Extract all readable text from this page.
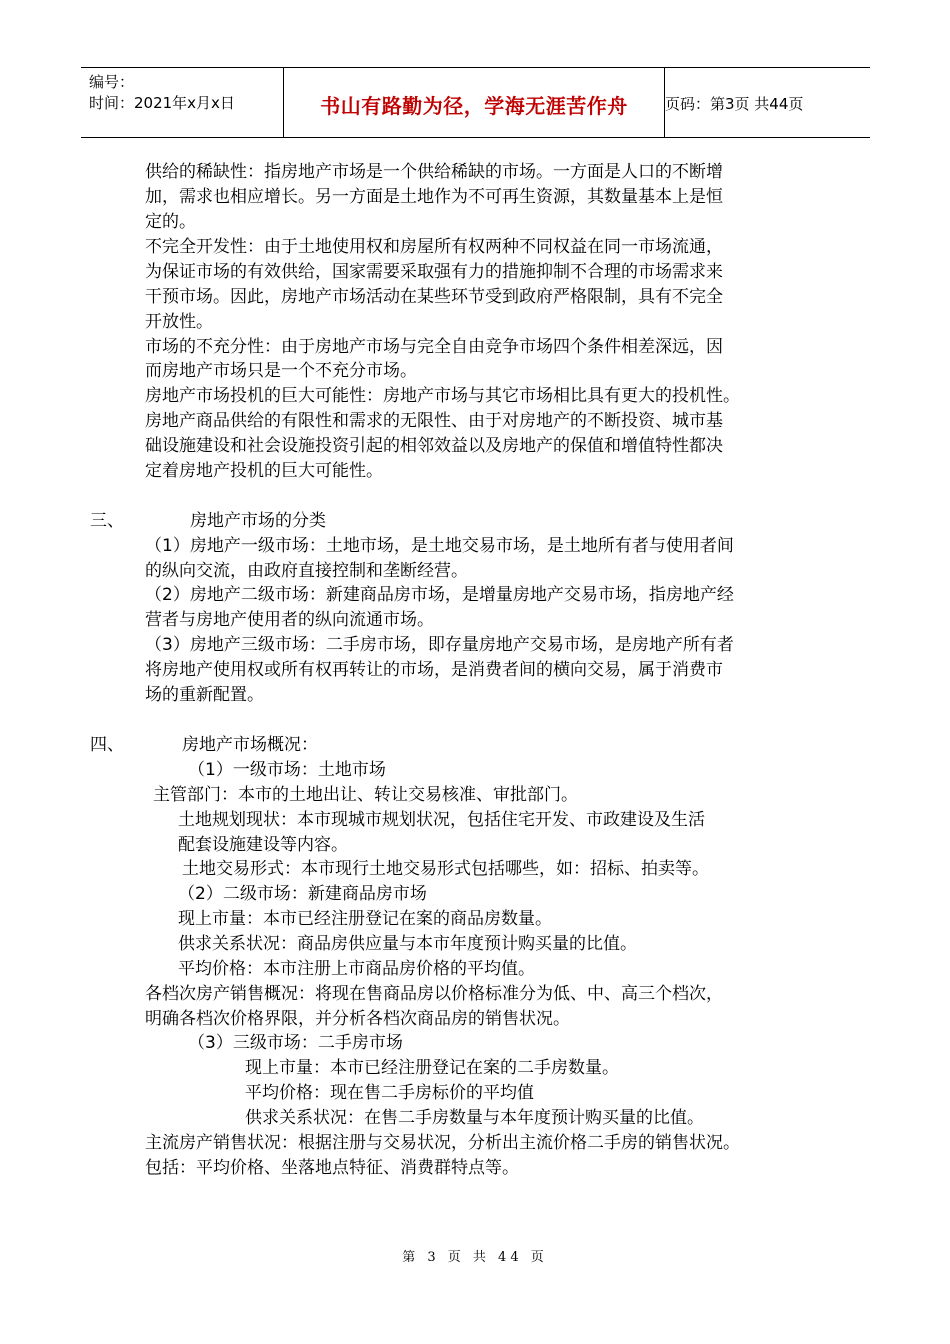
编号：
时间：2021年x月x日	书山有路勤为径，学海无涯苦作舟	页码：第3页 共44页

供给的稀缺性：指房地产市场是一个供给稀缺的市场。一方面是人口的不断增

加，需求也相应增长。另一方面是土地作为不可再生资源，其数量基本上是恒

定的。

不完全开发性：由于土地使用权和房屋所有权两种不同权益在同一市场流通，

为保证市场的有效供给，国家需要采取强有力的措施抑制不合理的市场需求来

干预市场。因此，房地产市场活动在某些环节受到政府严格限制，具有不完全

开放性。

市场的不充分性：由于房地产市场与完全自由竞争市场四个条件相差深远，因

而房地产市场只是一个不充分市场。

房地产市场投机的巨大可能性：房地产市场与其它市场相比具有更大的投机性。

房地产商品供给的有限性和需求的无限性、由于对房地产的不断投资、城市基

础设施建设和社会设施投资引起的相邻效益以及房地产的保值和增值特性都决

定着房地产投机的巨大可能性。

三、	房地产市场的分类

（1）房地产一级市场：土地市场，是土地交易市场，是土地所有者与使用者间

的纵向交流，由政府直接控制和垄断经营。

（2）房地产二级市场：新建商品房市场，是增量房地产交易市场，指房地产经

营者与房地产使用者的纵向流通市场。

（3）房地产三级市场：二手房市场，即存量房地产交易市场，是房地产所有者

将房地产使用权或所有权再转让的市场，是消费者间的横向交易，属于消费市

场的重新配置。

四、	房地产市场概况：

（1）一级市场：土地市场

主管部门：本市的土地出让、转让交易核准、审批部门。

土地规划现状：本市现城市规划状况，包括住宅开发、市政建设及生活

配套设施建设等内容。

土地交易形式：本市现行土地交易形式包括哪些，如：招标、拍卖等。

（2）二级市场：新建商品房市场

现上市量：本市已经注册登记在案的商品房数量。

供求关系状况：商品房供应量与本市年度预计购买量的比值。

平均价格：本市注册上市商品房价格的平均值。

各档次房产销售概况：将现在售商品房以价格标准分为低、中、高三个档次，

明确各档次价格界限，并分析各档次商品房的销售状况。

（3）三级市场：二手房市场

现上市量：本市已经注册登记在案的二手房数量。

平均价格：现在售二手房标价的平均值

供求关系状况：在售二手房数量与本年度预计购买量的比值。

主流房产销售状况：根据注册与交易状况，分析出主流价格二手房的销售状况。

包括：平均价格、坐落地点特征、消费群特点等。

第 3 页 共 44 页
